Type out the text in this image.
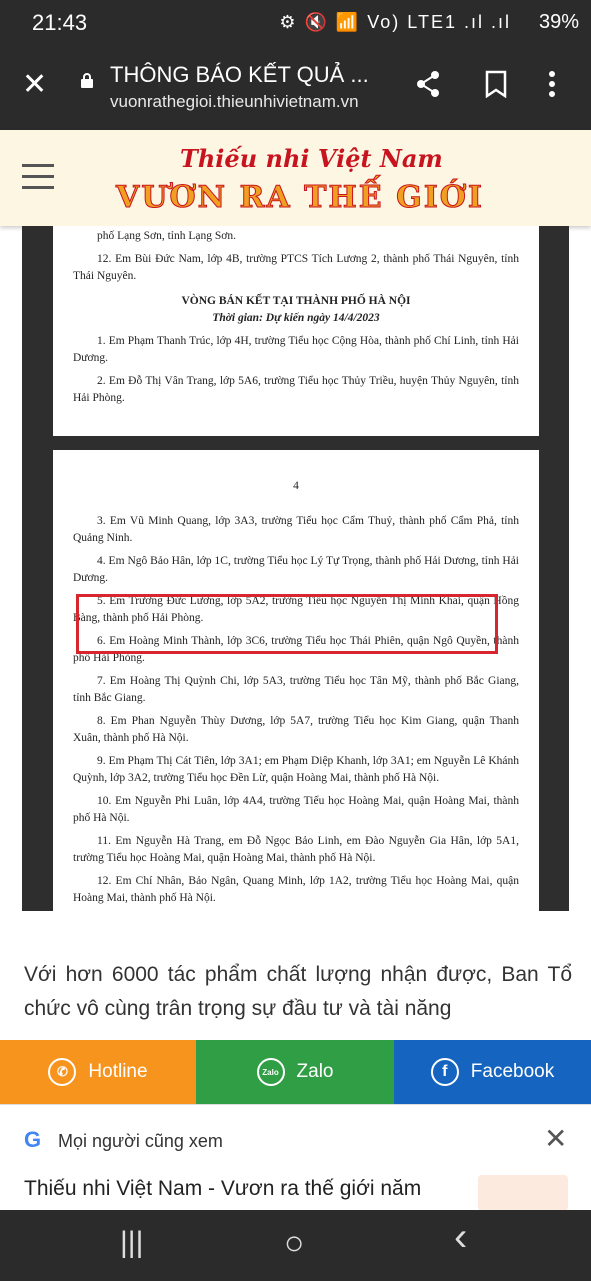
21:43	⚙ 🔇 📶 Vo) LTE1 .ıl .ıl 39%
✕	THÔNG BÁO KẾT QUẢ ...
vuonrathegioi.thieunhivietnam.vn
Thiếu nhi Việt Nam
VƯƠN RA THẾ GIỚI

phố Lạng Sơn, tỉnh Lạng Sơn.

12. Em Bùi Đức Nam, lớp 4B, trường PTCS Tích Lương 2, thành phố Thái Nguyên, tỉnh Thái Nguyên.

VÒNG BÁN KẾT TẠI THÀNH PHỐ HÀ NỘI

Thời gian: Dự kiến ngày 14/4/2023

1. Em Phạm Thanh Trúc, lớp 4H, trường Tiểu học Cộng Hòa, thành phố Chí Linh, tỉnh Hải Dương.

2. Em Đỗ Thị Vân Trang, lớp 5A6, trường Tiểu học Thủy Triều, huyện Thủy Nguyên, tỉnh Hải Phòng.

4

3. Em Vũ Minh Quang, lớp 3A3, trường Tiểu học Cẩm Thuỷ, thành phố Cẩm Phả, tỉnh Quảng Ninh.

4. Em Ngô Bảo Hân, lớp 1C, trường Tiểu học Lý Tự Trọng, thành phố Hải Dương, tỉnh Hải Dương.

5. Em Trương Đức Lương, lớp 5A2, trường Tiểu học Nguyễn Thị Minh Khai, quận Hồng Bàng, thành phố Hải Phòng.

6. Em Hoàng Minh Thành, lớp 3C6, trường Tiểu học Thái Phiên, quận Ngô Quyền, thành phố Hải Phòng.

7. Em Hoàng Thị Quỳnh Chi, lớp 5A3, trường Tiểu học Tân Mỹ, thành phố Bắc Giang, tỉnh Bắc Giang.

8. Em Phan Nguyễn Thùy Dương, lớp 5A7, trường Tiểu học Kim Giang, quận Thanh Xuân, thành phố Hà Nội.

9. Em Phạm Thị Cát Tiên, lớp 3A1; em Phạm Diệp Khanh, lớp 3A1; em Nguyễn Lê Khánh Quỳnh, lớp 3A2, trường Tiểu học Đền Lừ, quận Hoàng Mai, thành phố Hà Nội.

10. Em Nguyễn Phi Luân, lớp 4A4, trường Tiểu học Hoàng Mai, quận Hoàng Mai, thành phố Hà Nội.

11. Em Nguyễn Hà Trang, em Đỗ Ngọc Bảo Linh, em Đào Nguyễn Gia Hân, lớp 5A1, trường Tiểu học Hoàng Mai, quận Hoàng Mai, thành phố Hà Nội.

12. Em Chí Nhân, Bảo Ngân, Quang Minh, lớp 1A2, trường Tiểu học Hoàng Mai, quận Hoàng Mai, thành phố Hà Nội.

Với hơn 6000 tác phẩm chất lượng nhận được, Ban Tổ chức vô cùng trân trọng sự đầu tư và tài năng
✆	Hotline	Zalo Zalo	f	Facebook
G Mọi người cũng xem	✕
Thiếu nhi Việt Nam - Vươn ra thế giới năm
|||	○	‹
